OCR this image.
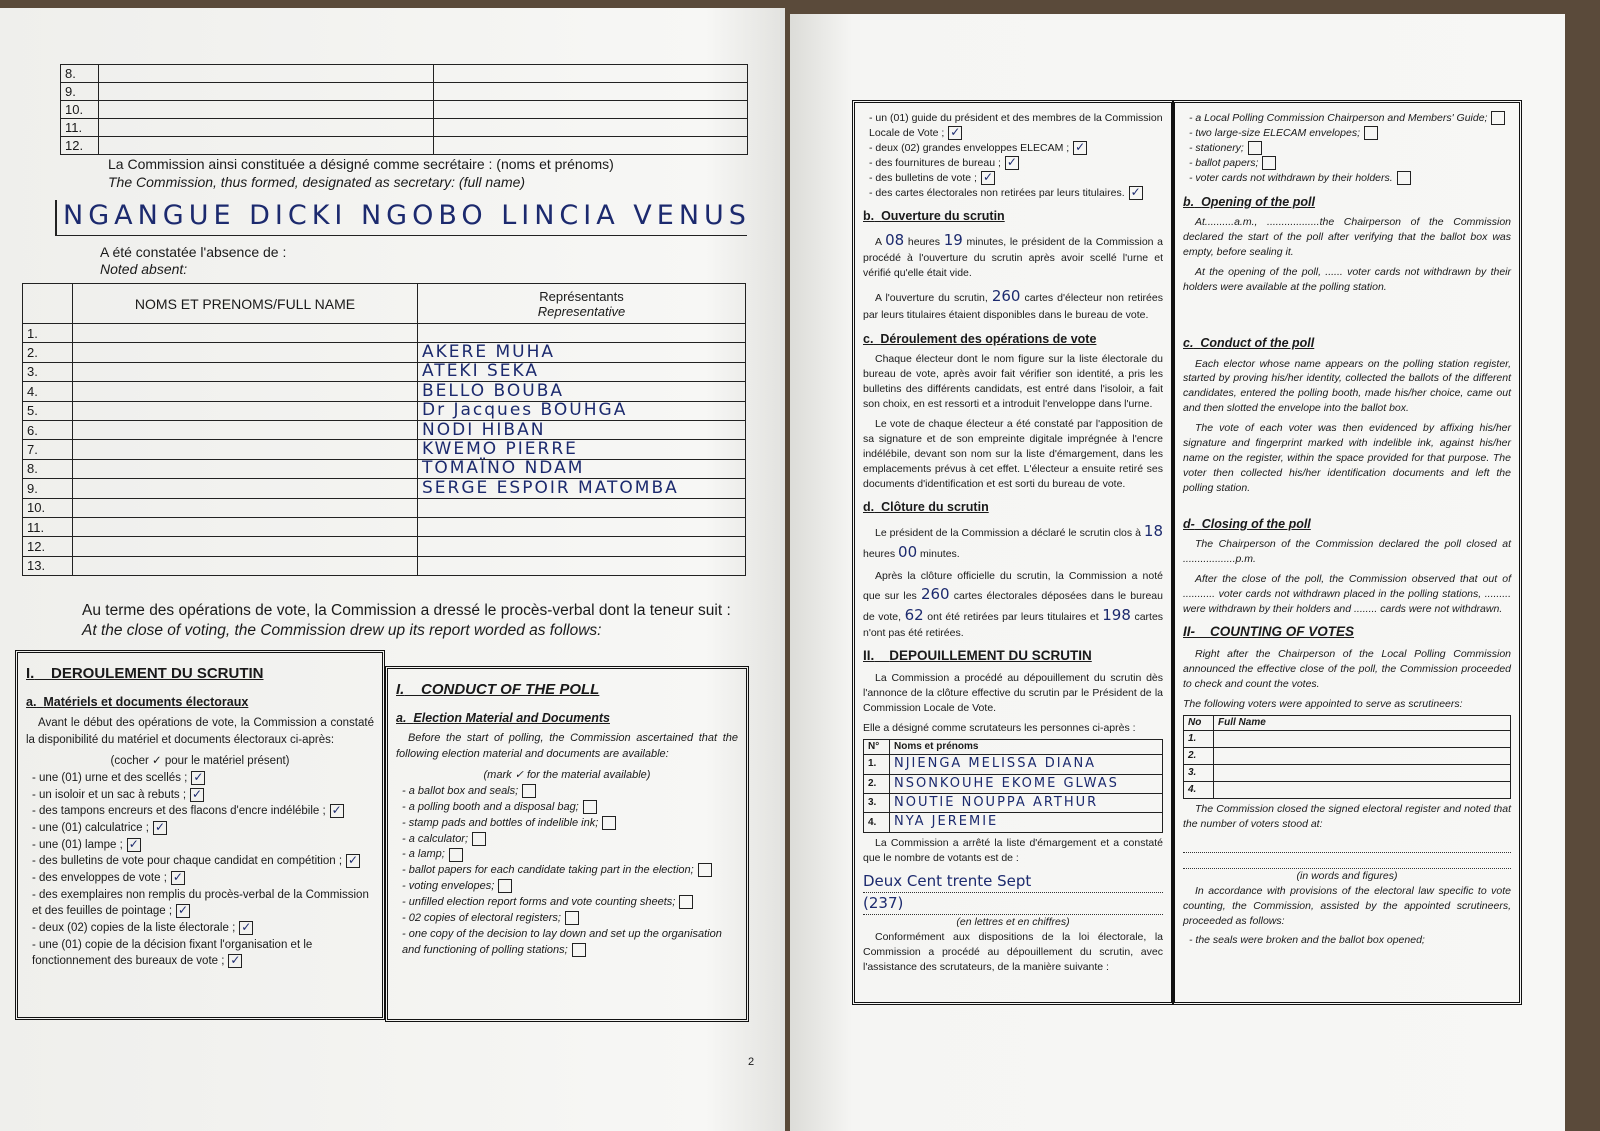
8.		
9.		
10.		
11.		
12.		
La Commission ainsi constituée a désigné comme secrétaire : (noms et prénoms)
The Commission, thus formed, designated as secretary: (full name)
NGANGUE DICKI NGOBO LINCIA VENUS
A été constatée l'absence de :
Noted absent:
	NOMS ET PRENOMS/FULL NAME	Représentants
Representative
1.		
2.		AKERE MUHA
3.		ATEKI SEKA
4.		BELLO BOUBA
5.		Dr Jacques BOUHGA
6.		NODI HIBAN
7.		KWEMO PIERRE
8.		TOMAÏNO NDAM
9.		SERGE ESPOIR MATOMBA
10.		
11.		
12.		
13.		
Au terme des opérations de vote, la Commission a dressé le procès-verbal dont la teneur suit :
At the close of voting, the Commission drew up its report worded as follows:
I. DEROULEMENT DU SCRUTIN
a. Matériels et documents électoraux

Avant le début des opérations de vote, la Commission a constaté la disponibilité du matériel et documents électoraux ci-après:

(cocher ✓ pour le matériel présent)
- une (01) urne et des scellés ; ✓
- un isoloir et un sac à rebuts ; ✓
- des tampons encreurs et des flacons d'encre indélébile ; ✓
- une (01) calculatrice ; ✓
- une (01) lampe ; ✓
- des bulletins de vote pour chaque candidat en compétition ; ✓
- des enveloppes de vote ; ✓
- des exemplaires non remplis du procès-verbal de la Commission et des feuilles de pointage ; ✓
- deux (02) copies de la liste électorale ; ✓
- une (01) copie de la décision fixant l'organisation et le fonctionnement des bureaux de vote ; ✓
I. CONDUCT OF THE POLL
a. Election Material and Documents

Before the start of polling, the Commission ascertained that the following election material and documents are available:

(mark ✓ for the material available)
- a ballot box and seals;
- a polling booth and a disposal bag;
- stamp pads and bottles of indelible ink;
- a calculator;
- a lamp;
- ballot papers for each candidate taking part in the election;
- voting envelopes;
- unfilled election report forms and vote counting sheets;
- 02 copies of electoral registers;
- one copy of the decision to lay down and set up the organisation and functioning of polling stations;
2
- un (01) guide du président et des membres de la Commission Locale de Vote ; ✓
- deux (02) grandes enveloppes ELECAM ; ✓
- des fournitures de bureau ; ✓
- des bulletins de vote ; ✓
- des cartes électorales non retirées par leurs titulaires. ✓
b. Ouverture du scrutin

A 08 heures 19 minutes, le président de la Commission a procédé à l'ouverture du scrutin après avoir scellé l'urne et vérifié qu'elle était vide.

A l'ouverture du scrutin, 260 cartes d'électeur non retirées par leurs titulaires étaient disponibles dans le bureau de vote.

c. Déroulement des opérations de vote

Chaque électeur dont le nom figure sur la liste électorale du bureau de vote, après avoir fait vérifier son identité, a pris les bulletins des différents candidats, est entré dans l'isoloir, a fait son choix, en est ressorti et a introduit l'enveloppe dans l'urne.

Le vote de chaque électeur a été constaté par l'apposition de sa signature et de son empreinte digitale imprégnée à l'encre indélébile, devant son nom sur la liste d'émargement, dans les emplacements prévus à cet effet. L'électeur a ensuite retiré ses documents d'identification et est sorti du bureau de vote.

d. Clôture du scrutin

Le président de la Commission a déclaré le scrutin clos à 18 heures 00 minutes.

Après la clôture officielle du scrutin, la Commission a noté que sur les 260 cartes électorales déposées dans le bureau de vote, 62 ont été retirées par leurs titulaires et 198 cartes n'ont pas été retirées.

II. DEPOUILLEMENT DU SCRUTIN

La Commission a procédé au dépouillement du scrutin dès l'annonce de la clôture effective du scrutin par le Président de la Commission Locale de Vote.

Elle a désigné comme scrutateurs les personnes ci-après :
N°	Noms et prénoms
1.	NJIENGA MELISSA DIANA
2.	NSONKOUHE EKOME GLWAS
3.	NOUTIE NOUPPA ARTHUR
4.	NYA JEREMIE

La Commission a arrêté la liste d'émargement et a constaté que le nombre de votants est de :

Deux Cent trente Sept
(237)
(en lettres et en chiffres)

Conformément aux dispositions de la loi électorale, la Commission a procédé au dépouillement du scrutin, avec l'assistance des scrutateurs, de la manière suivante :

- a Local Polling Commission Chairperson and Members' Guide;
- two large-size ELECAM envelopes;
- stationery;
- ballot papers;
- voter cards not withdrawn by their holders.
b. Opening of the poll

At..........a.m., ..................the Chairperson of the Commission declared the start of the poll after verifying that the ballot box was empty, before sealing it.

At the opening of the poll, ...... voter cards not withdrawn by their holders were available at the polling station.

c. Conduct of the poll

Each elector whose name appears on the polling station register, started by proving his/her identity, collected the ballots of the different candidates, entered the polling booth, made his/her choice, came out and then slotted the envelope into the ballot box.

The vote of each voter was then evidenced by affixing his/her signature and fingerprint marked with indelible ink, against his/her name on the register, within the space provided for that purpose. The voter then collected his/her identification documents and left the polling station.

d- Closing of the poll

The Chairperson of the Commission declared the poll closed at ..................p.m.

After the close of the poll, the Commission observed that out of ........... voter cards not withdrawn placed in the polling stations, ......... were withdrawn by their holders and ........ cards were not withdrawn.

II- COUNTING OF VOTES

Right after the Chairperson of the Local Polling Commission announced the effective close of the poll, the Commission proceeded to check and count the votes.

The following voters were appointed to serve as scrutineers:
No	Full Name
1.	
2.	
3.	
4.	

The Commission closed the signed electoral register and noted that the number of voters stood at:

(in words and figures)

In accordance with provisions of the electoral law specific to vote counting, the Commission, assisted by the appointed scrutineers, proceeded as follows:

- the seals were broken and the ballot box opened;
